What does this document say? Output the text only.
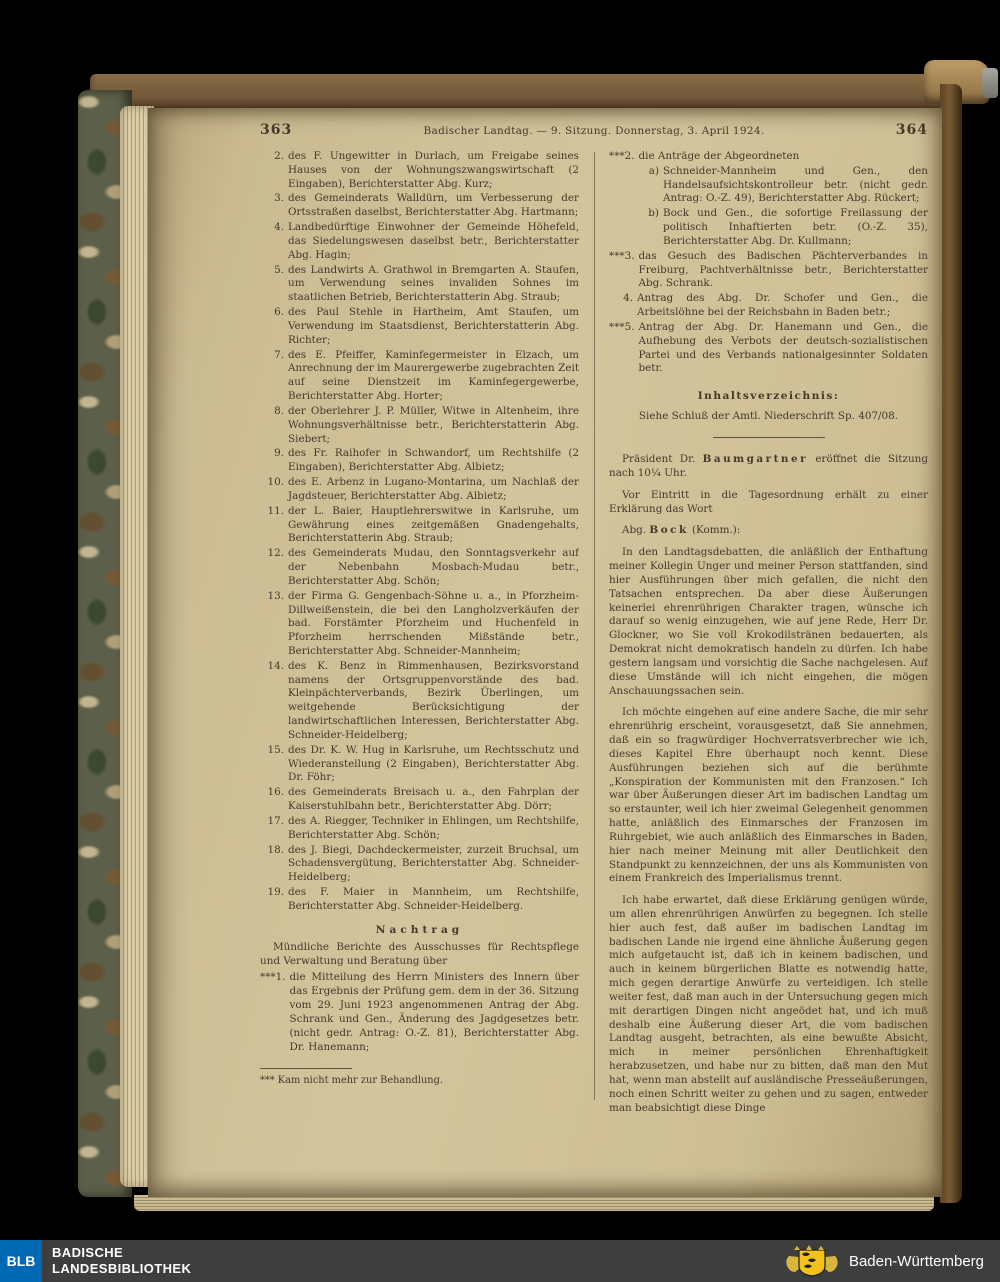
363	Badischer Landtag. — 9. Sitzung. Donnerstag, 3. April 1924.	364
2. des F. Ungewitter in Durlach, um Freigabe seines Hauses von der Wohnungszwangswirtschaft (2 Eingaben), Berichterstatter Abg. Kurz;
3. des Gemeinderats Walldürn, um Verbesserung der Ortsstraßen daselbst, Berichterstatter Abg. Hartmann;
4. Landbedürftige Einwohner der Gemeinde Höhefeld, das Siedelungswesen daselbst betr., Berichterstatter Abg. Hagin;
5. des Landwirts A. Grathwol in Bremgarten A. Staufen, um Verwendung seines invaliden Sohnes im staatlichen Betrieb, Berichterstatterin Abg. Straub;
6. des Paul Stehle in Hartheim, Amt Staufen, um Verwendung im Staatsdienst, Berichterstatterin Abg. Richter;
7. des E. Pfeiffer, Kaminfegermeister in Elzach, um Anrechnung der im Maurergewerbe zugebrachten Zeit auf seine Dienstzeit im Kaminfegergewerbe, Berichterstatter Abg. Horter;
8. der Oberlehrer J. P. Müller, Witwe in Altenheim, ihre Wohnungsverhältnisse betr., Berichterstatterin Abg. Siebert;
9. des Fr. Raihofer in Schwandorf, um Rechtshilfe (2 Eingaben), Berichterstatter Abg. Albietz;
10. des E. Arbenz in Lugano-Montarina, um Nachlaß der Jagdsteuer, Berichterstatter Abg. Albietz;
11. der L. Baier, Hauptlehrerswitwe in Karlsruhe, um Gewährung eines zeitgemäßen Gnadengehalts, Berichterstatterin Abg. Straub;
12. des Gemeinderats Mudau, den Sonntagsverkehr auf der Nebenbahn Mosbach-Mudau betr., Berichterstatter Abg. Schön;
13. der Firma G. Gengenbach-Söhne u. a., in Pforzheim-Dillweißenstein, die bei den Langholzverkäufen der bad. Forstämter Pforzheim und Huchenfeld in Pforzheim herrschenden Mißstände betr., Berichterstatter Abg. Schneider-Mannheim;
14. des K. Benz in Rimmenhausen, Bezirksvorstand namens der Ortsgruppenvorstände des bad. Kleinpächterverbands, Bezirk Überlingen, um weitgehende Berücksichtigung der landwirtschaftlichen Interessen, Berichterstatter Abg. Schneider-Heidelberg;
15. des Dr. K. W. Hug in Karlsruhe, um Rechtsschutz und Wiederanstellung (2 Eingaben), Berichterstatter Abg. Dr. Föhr;
16. des Gemeinderats Breisach u. a., den Fahrplan der Kaiserstuhlbahn betr., Berichterstatter Abg. Dörr;
17. des A. Riegger, Techniker in Ehlingen, um Rechtshilfe, Berichterstatter Abg. Schön;
18. des J. Biegi, Dachdeckermeister, zurzeit Bruchsal, um Schadensvergütung, Berichterstatter Abg. Schneider-Heidelberg;
19. des F. Maier in Mannheim, um Rechtshilfe, Berichterstatter Abg. Schneider-Heidelberg.
Nachtrag

Mündliche Berichte des Ausschusses für Rechtspflege und Verwaltung und Beratung über

***1. die Mitteilung des Herrn Ministers des Innern über das Ergebnis der Prüfung gem. dem in der 36. Sitzung vom 29. Juni 1923 angenommenen Antrag der Abg. Schrank und Gen., Änderung des Jagdgesetzes betr. (nicht gedr. Antrag: O.-Z. 81), Berichterstatter Abg. Dr. Hanemann;
*** Kam nicht mehr zur Behandlung.
***2. die Anträge der Abgeordneten
a) Schneider-Mannheim und Gen., den Handelsaufsichtskontrolleur betr. (nicht gedr. Antrag: O.-Z. 49), Berichterstatter Abg. Rückert;
b) Bock und Gen., die sofortige Freilassung der politisch Inhaftierten betr. (O.-Z. 35), Berichterstatter Abg. Dr. Kullmann;
***3. das Gesuch des Badischen Pächterverbandes in Freiburg, Pachtverhältnisse betr., Berichterstatter Abg. Schrank.
4. Antrag des Abg. Dr. Schofer und Gen., die Arbeitslöhne bei der Reichsbahn in Baden betr.;
***5. Antrag der Abg. Dr. Hanemann und Gen., die Aufhebung des Verbots der deutsch-sozialistischen Partei und des Verbands nationalgesinnter Soldaten betr.
Inhaltsverzeichnis:

Siehe Schluß der Amtl. Niederschrift Sp. 407/08.

Präsident Dr. Baumgartner eröffnet die Sitzung nach 10¼ Uhr.

Vor Eintritt in die Tagesordnung erhält zu einer Erklärung das Wort

Abg. Bock (Komm.):

In den Landtagsdebatten, die anläßlich der Enthaftung meiner Kollegin Unger und meiner Person stattfanden, sind hier Ausführungen über mich gefallen, die nicht den Tatsachen entsprechen. Da aber diese Äußerungen keinerlei ehrenrührigen Charakter tragen, wünsche ich darauf so wenig einzugehen, wie auf jene Rede, Herr Dr. Glockner, wo Sie voll Krokodilstränen bedauerten, als Demokrat nicht demokratisch handeln zu dürfen. Ich habe gestern langsam und vorsichtig die Sache nachgelesen. Auf diese Umstände will ich nicht eingehen, die mögen Anschauungssachen sein.

Ich möchte eingehen auf eine andere Sache, die mir sehr ehrenrührig erscheint, vorausgesetzt, daß Sie annehmen, daß ein so fragwürdiger Hochverratsverbrecher wie ich, dieses Kapitel Ehre überhaupt noch kennt. Diese Ausführungen beziehen sich auf die berühmte „Konspiration der Kommunisten mit den Franzosen.“ Ich war über Äußerungen dieser Art im badischen Landtag um so erstaunter, weil ich hier zweimal Gelegenheit genommen hatte, anläßlich des Einmarsches der Franzosen im Ruhrgebiet, wie auch anläßlich des Einmarsches in Baden, hier nach meiner Meinung mit aller Deutlichkeit den Standpunkt zu kennzeichnen, der uns als Kommunisten von einem Frankreich des Imperialismus trennt.

Ich habe erwartet, daß diese Erklärung genügen würde, um allen ehrenrührigen Anwürfen zu begegnen. Ich stelle hier auch fest, daß außer im badischen Landtag im badischen Lande nie irgend eine ähnliche Äußerung gegen mich aufgetaucht ist, daß ich in keinem badischen, und auch in keinem bürgerlichen Blatte es notwendig hatte, mich gegen derartige Anwürfe zu verteidigen. Ich stelle weiter fest, daß man auch in der Untersuchung gegen mich mit derartigen Dingen nicht angeödet hat, und ich muß deshalb eine Äußerung dieser Art, die vom badischen Landtag ausgeht, betrachten, als eine bewußte Absicht, mich in meiner persönlichen Ehrenhaftigkeit herabzusetzen, und habe nur zu bitten, daß man den Mut hat, wenn man abstellt auf ausländische Presseäußerungen, noch einen Schritt weiter zu gehen und zu sagen, entweder man beabsichtigt diese Dinge

BLB
BADISCHE
LANDESBIBLIOTHEK	Baden-Württemberg
